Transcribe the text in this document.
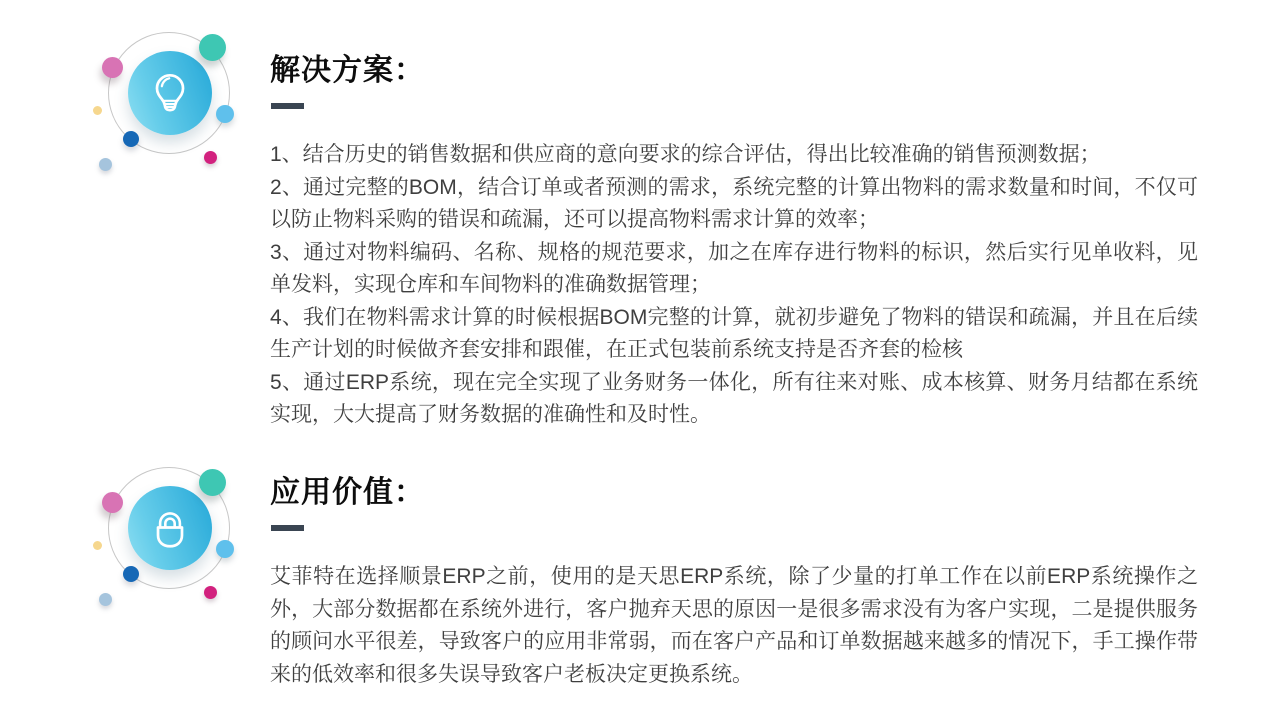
解决方案：

1、结合历史的销售数据和供应商的意向要求的综合评估，得出比较准确的销售预测数据；

2、通过完整的BOM，结合订单或者预测的需求，系统完整的计算出物料的需求数量和时间，不仅可以防止物料采购的错误和疏漏，还可以提高物料需求计算的效率；

3、通过对物料编码、名称、规格的规范要求，加之在库存进行物料的标识，然后实行见单收料，见单发料，实现仓库和车间物料的准确数据管理；

4、我们在物料需求计算的时候根据BOM完整的计算，就初步避免了物料的错误和疏漏，并且在后续生产计划的时候做齐套安排和跟催，在正式包装前系统支持是否齐套的检核

5、通过ERP系统，现在完全实现了业务财务一体化，所有往来对账、成本核算、财务月结都在系统实现，大大提高了财务数据的准确性和及时性。

应用价值：

艾菲特在选择顺景ERP之前，使用的是天思ERP系统，除了少量的打单工作在以前ERP系统操作之外，大部分数据都在系统外进行，客户抛弃天思的原因一是很多需求没有为客户实现，二是提供服务的顾问水平很差，导致客户的应用非常弱，而在客户产品和订单数据越来越多的情况下，手工操作带来的低效率和很多失误导致客户老板决定更换系统。
